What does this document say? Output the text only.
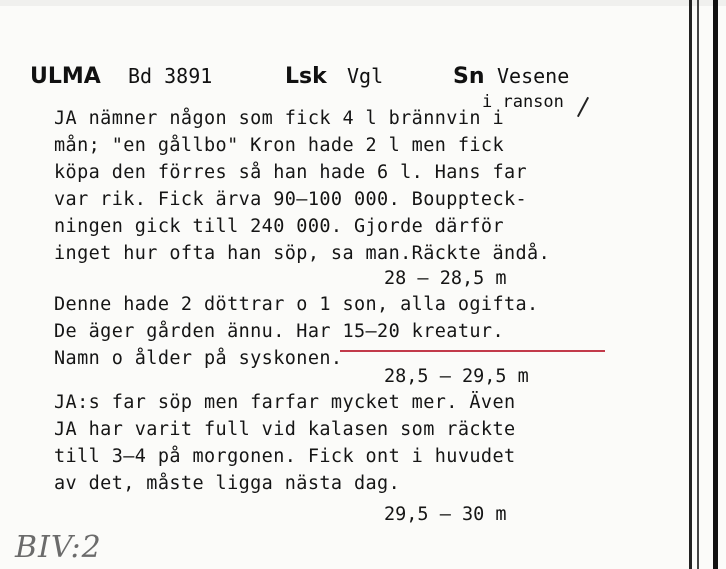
ULMA Bd 3891	Lsk Vgl	Sn Vesene
i ranson
JA nämner någon som fick 4 l brännvin i
mån; "en gållbo" Kron hade 2 l men fick
köpa den förres så han hade 6 l. Hans far
var rik. Fick ärva 90–100 000. Bouppteck-
ningen gick till 240 000. Gjorde därför
inget hur ofta han söp, sa man.Räckte ändå.
28 – 28,5 m
Denne hade 2 döttrar o 1 son, alla ogifta.
De äger gården ännu. Har 15–20 kreatur.
Namn o ålder på syskonen.
28,5 – 29,5 m
JA:s far söp men farfar mycket mer. Även
JA har varit full vid kalasen som räckte
till 3–4 på morgonen. Fick ont i huvudet
av det, måste ligga nästa dag.
29,5 – 30 m
BIV:2
